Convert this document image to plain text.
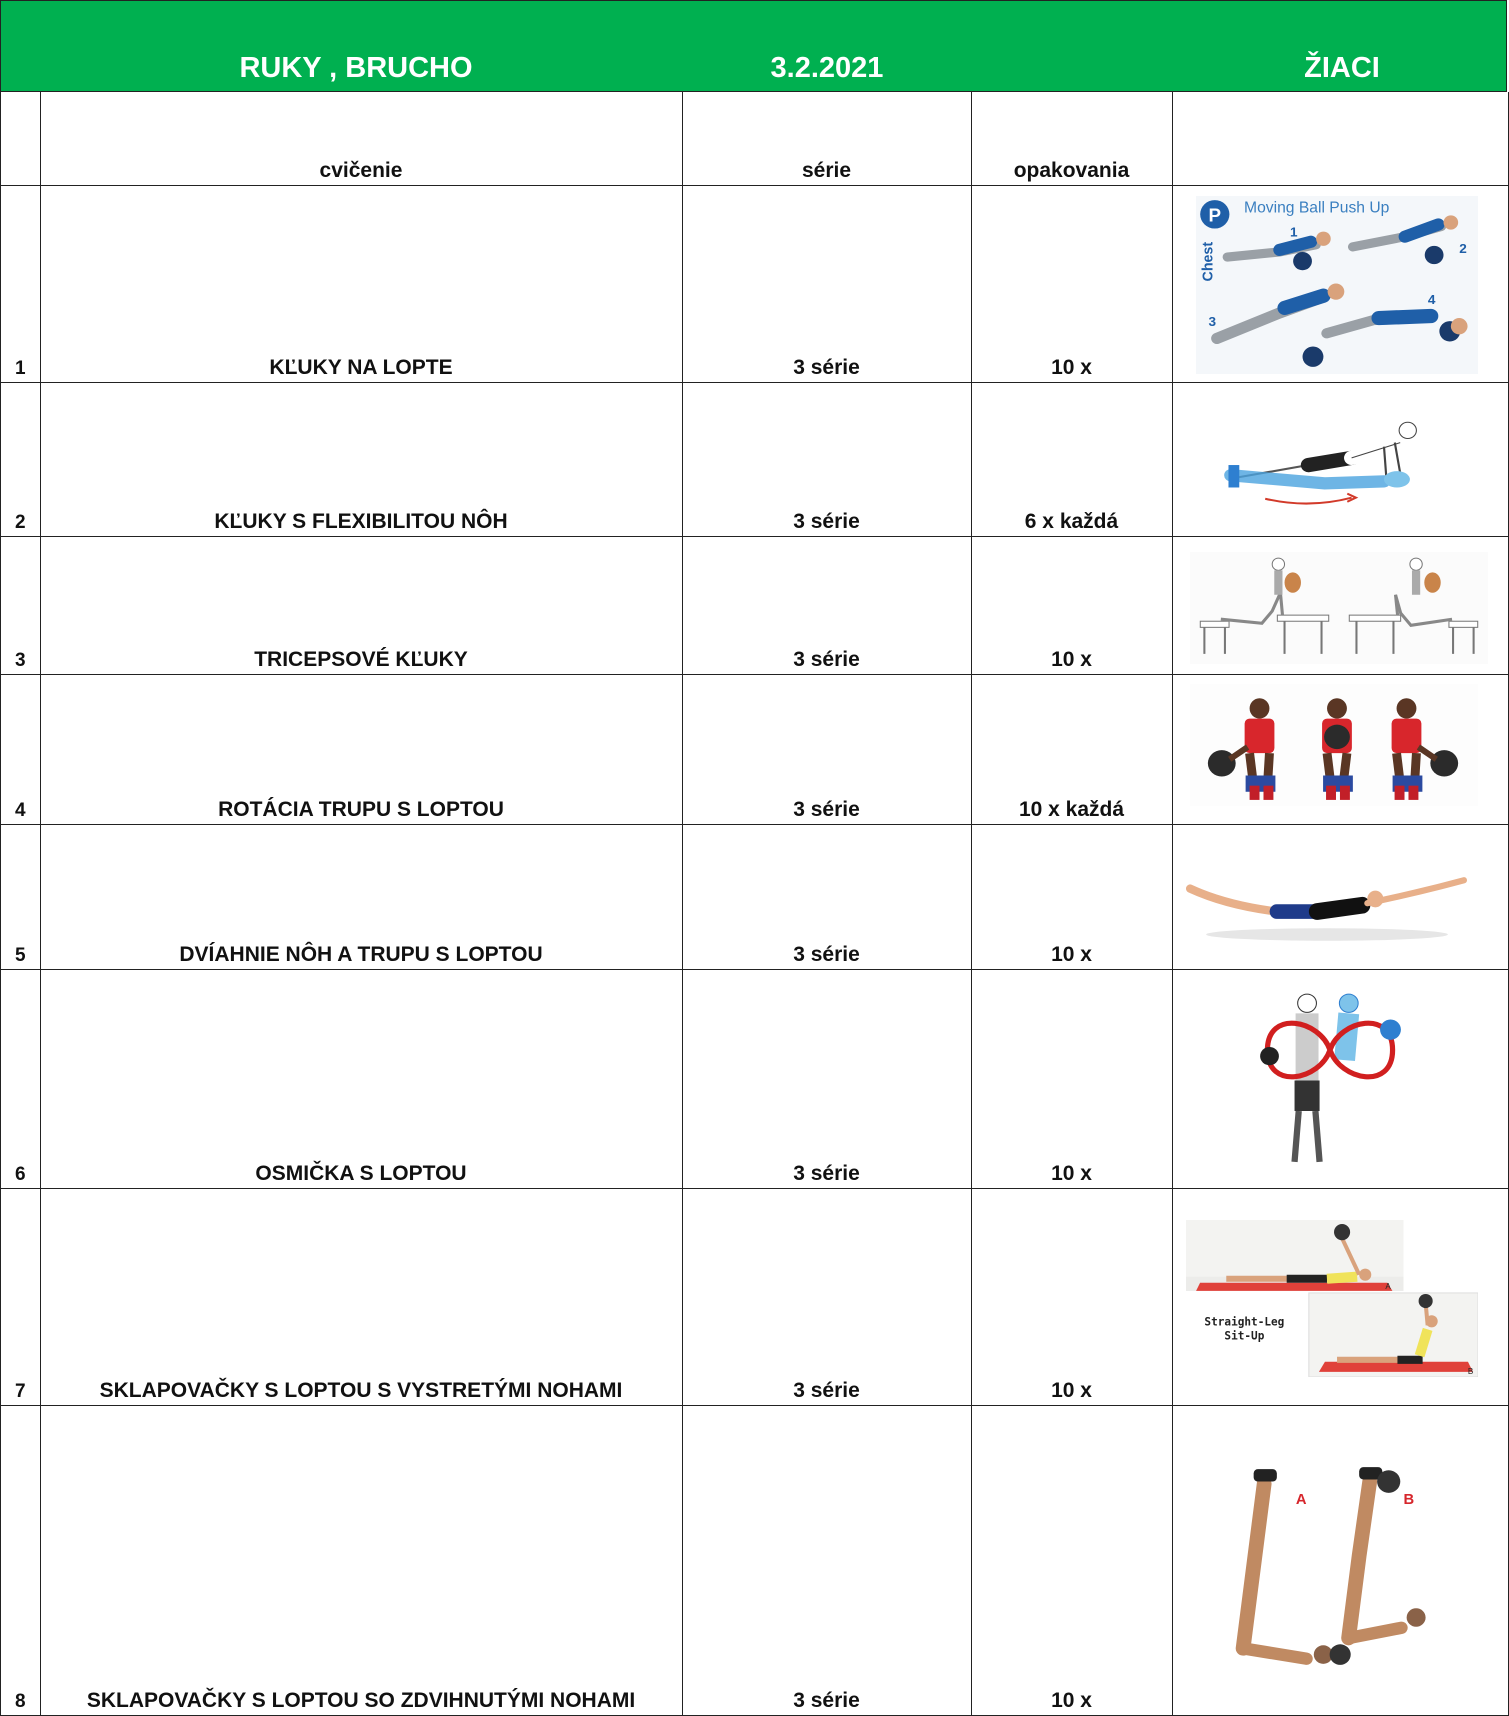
RUKY , BRUCHO	3.2.2021	ŽIACI
cvičenie	série	opakovania
1	KĽUKY NA LOPTE	3 série	10 x
P Moving Ball Push Up
Chest
1
2
3
4
2	KĽUKY S FLEXIBILITOU NÔH	3 série	6 x každá
3	TRICEPSOVÉ KĽUKY	3 série	10 x
4	ROTÁCIA TRUPU S LOPTOU	3 série	10 x každá
5	DVÍAHNIE NÔH A TRUPU S LOPTOU	3 série	10 x
6	OSMIČKA S LOPTOU	3 série	10 x
7	SKLAPOVAČKY S LOPTOU S VYSTRETÝMI NOHAMI	3 série	10 x
A
B
Straight-Leg
Sit-Up
8	SKLAPOVAČKY S LOPTOU SO ZDVIHNUTÝMI NOHAMI	3 série	10 x
A	B
